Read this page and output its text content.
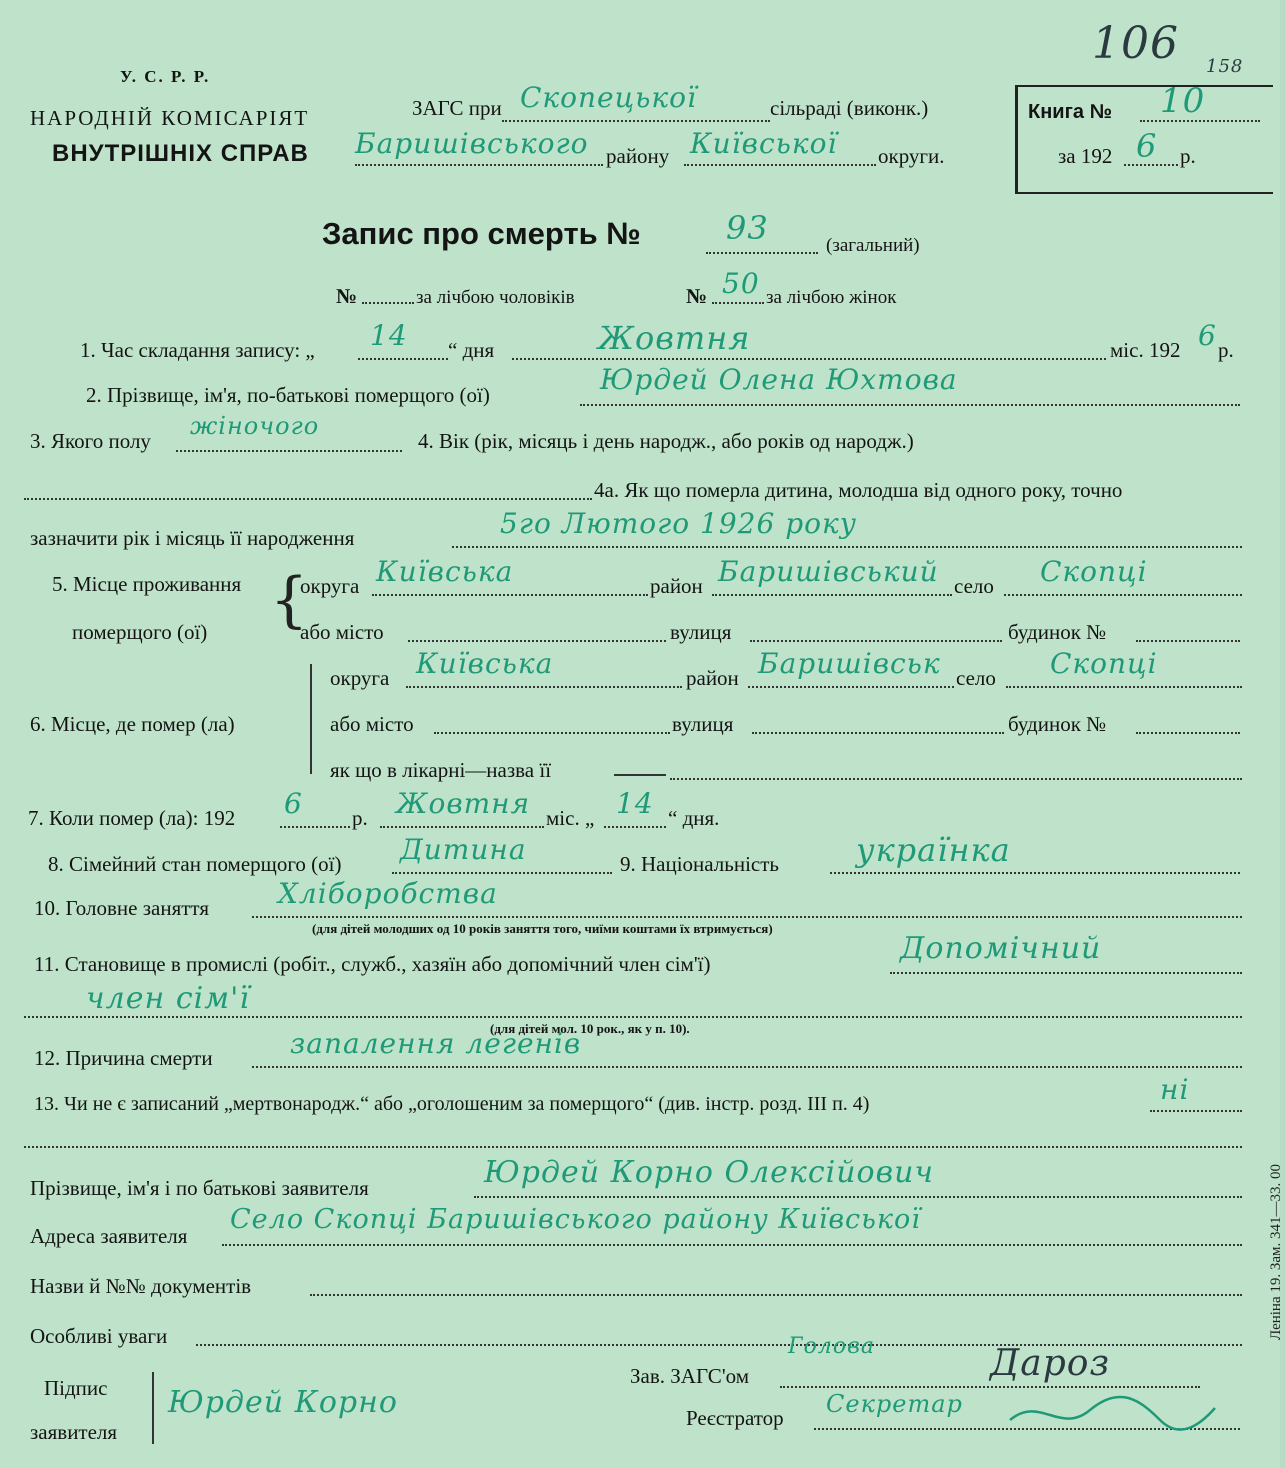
106 158
У. С. Р. Р.
НАРОДНІЙ КОМІСАРІЯТ
ВНУТРІШНІХ СПРАВ
ЗАГС при Скопецької	сільраді (виконк.)
Баришівського району Київської округи.
Книга № 10
за 192 6 р.
Запис про смерть №	93	(загальний)
№	за лічбою чоловіків	№ 50 за лічбою жінок
1. Час складання запису: „ 14 “ дня	Жовтня	міс. 192 6 р.
2. Прізвище, ім'я, по-батькові померщого (ої)	Юрдей Олена Юхтова
3. Якого полу
жіночого
4. Вік (рік, місяць і день народж., або років од народж.)
4а. Як що померла дитина, молодша від одного року, точно
зазначити рік і місяць її народження	5го Лютого 1926 року
5. Місце проживання
померщого (ої) {
округа Київська	район Баришівський село Скопці
або місто	вулиця	будинок №
6. Місце, де помер (ла)
округа Київська	район Баришівськ село Скопці
або місто	вулиця	будинок №
як що в лікарні—назва її
7. Коли помер (ла): 192 6 р. Жовтня міс. „ 14 “ дня.
8. Сімейний стан померщого (ої) Дитина	9. Національність українка
10. Головне заняття Хліборобства
(для дітей молодших од 10 років заняття того, чиїми коштами їх втримується)
11. Становище в промислі (робіт., служб., хазяїн або допомічний член сім'ї)	Допомічний
член сім'ї
(для дітей мол. 10 рок., як у п. 10).
12. Причина смерти	запалення легенів
13. Чи не є записаний „мертвонародж.“ або „оголошеним за померщого“ (див. інстр. розд. III п. 4)	ні
Прізвище, ім'я і по батькові заявителя	Юрдей Корно Олексійович
Адреса заявителя
Село Скопці Баришівського району Київської
Назви й №№ документів
Особливі уваги
Підпис
заявителя
Юрдей Корно
Зав. ЗАГС'ом
Голова	Дароз
Реєстратор Секретар
Леніна 19. Зам. 341—33. 00
